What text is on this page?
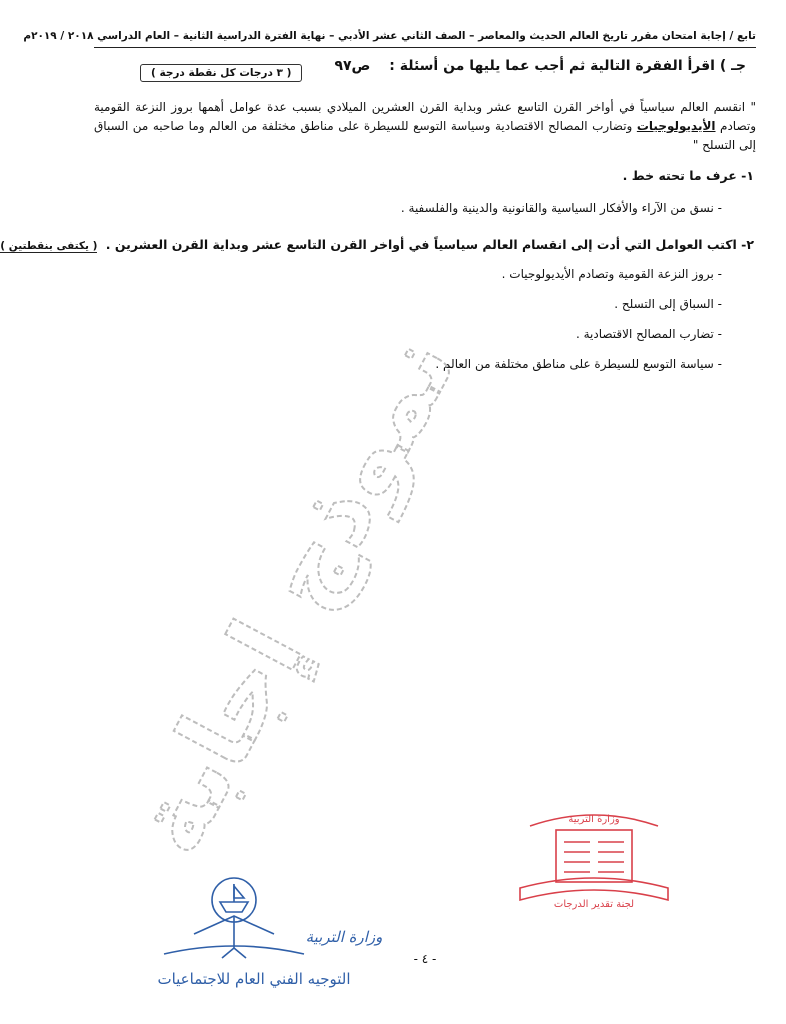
تابع / إجابة امتحان مقرر تاريخ العالم الحديث والمعاصر – الصف الثاني عشر الأدبي – نهاية الفترة الدراسية الثانية – العام الدراسي ٢٠١٨ / ٢٠١٩م
جـ ) اقرأ الفقرة التالية ثم أجب عما يليها من أسئلة : ص٩٧
( ٣ درجات كل نقطة درجة )
" انقسم العالم سياسياً في أواخر القرن التاسع عشر وبداية القرن العشرين الميلادي بسبب عدة عوامل أهمها بروز النزعة القومية وتصادم الأيديولوجيات وتضارب المصالح الاقتصادية وسياسة التوسع للسيطرة على مناطق مختلفة من العالم وما صاحبه من السباق إلى التسلح "
١- عرف ما تحته خط .
- نسق من الآراء والأفكار السياسية والقانونية والدينية والفلسفية .
٢- اكتب العوامل التي أدت إلى انقسام العالم سياسياً في أواخر القرن التاسع عشر وبداية القرن العشرين . ( يكتفى بنقطتين )
- بروز النزعة القومية وتصادم الأيديولوجيات .
- السباق إلى التسلح .
- تضارب المصالح الاقتصادية .
- سياسة التوسع للسيطرة على مناطق مختلفة من العالم .
نموذج إجابة	وزارة التربية
لجنة تقدير الدرجات
وزارة التربية
التوجيه الفني العام للاجتماعيات
- ٤ -
